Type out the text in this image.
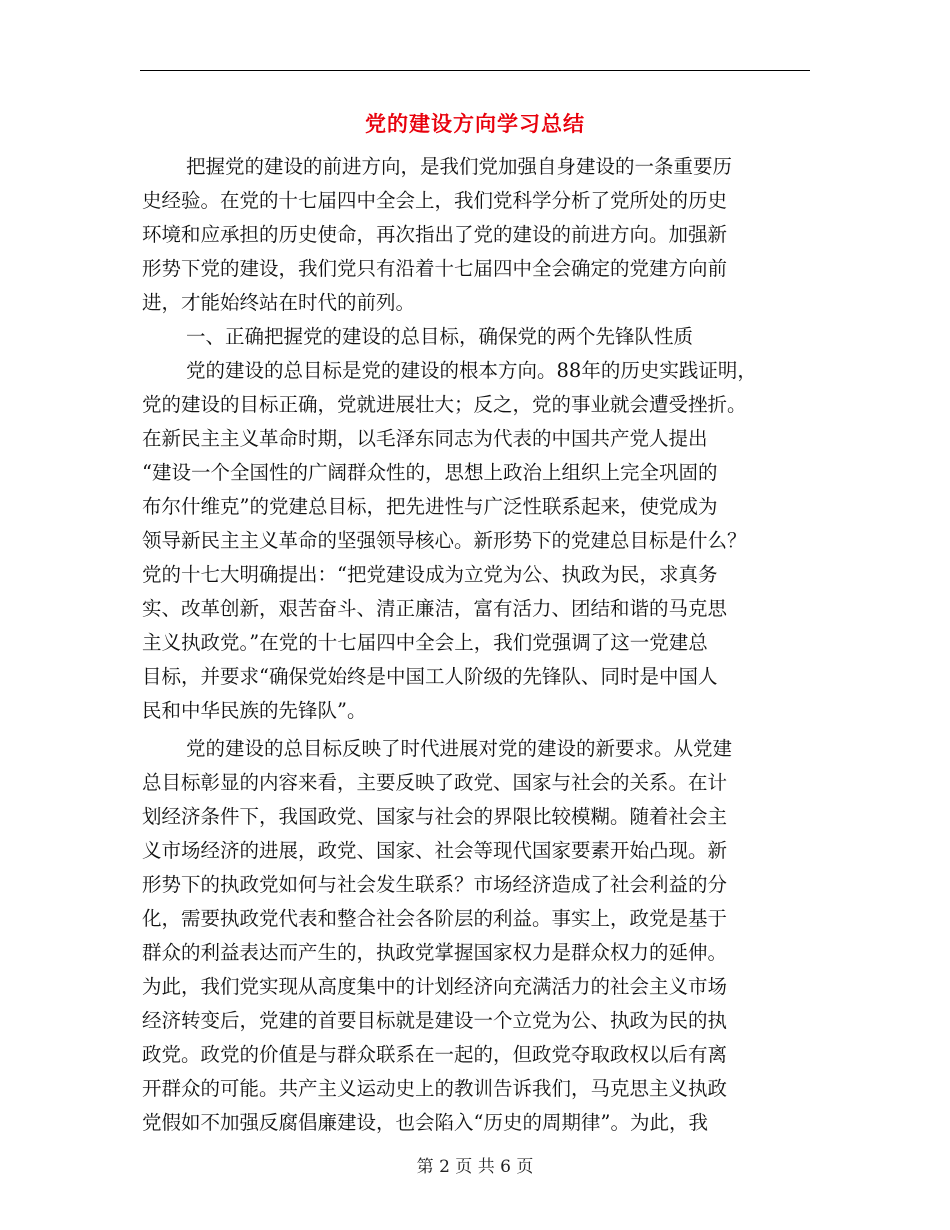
党的建设方向学习总结
把握党的建设的前进方向，是我们党加强自身建设的一条重要历
史经验。在党的十七届四中全会上，我们党科学分析了党所处的历史
环境和应承担的历史使命，再次指出了党的建设的前进方向。加强新
形势下党的建设，我们党只有沿着十七届四中全会确定的党建方向前
进，才能始终站在时代的前列。
一、正确把握党的建设的总目标，确保党的两个先锋队性质
党的建设的总目标是党的建设的根本方向。88年的历史实践证明，
党的建设的目标正确，党就进展壮大；反之，党的事业就会遭受挫折。
在新民主主义革命时期，以毛泽东同志为代表的中国共产党人提出
“建设一个全国性的广阔群众性的，思想上政治上组织上完全巩固的
布尔什维克”的党建总目标，把先进性与广泛性联系起来，使党成为
领导新民主主义革命的坚强领导核心。新形势下的党建总目标是什么？
党的十七大明确提出：“把党建设成为立党为公、执政为民，求真务
实、改革创新，艰苦奋斗、清正廉洁，富有活力、团结和谐的马克思
主义执政党。”在党的十七届四中全会上，我们党强调了这一党建总
目标，并要求“确保党始终是中国工人阶级的先锋队、同时是中国人
民和中华民族的先锋队”。
党的建设的总目标反映了时代进展对党的建设的新要求。从党建
总目标彰显的内容来看，主要反映了政党、国家与社会的关系。在计
划经济条件下，我国政党、国家与社会的界限比较模糊。随着社会主
义市场经济的进展，政党、国家、社会等现代国家要素开始凸现。新
形势下的执政党如何与社会发生联系？市场经济造成了社会利益的分
化，需要执政党代表和整合社会各阶层的利益。事实上，政党是基于
群众的利益表达而产生的，执政党掌握国家权力是群众权力的延伸。
为此，我们党实现从高度集中的计划经济向充满活力的社会主义市场
经济转变后，党建的首要目标就是建设一个立党为公、执政为民的执
政党。政党的价值是与群众联系在一起的，但政党夺取政权以后有离
开群众的可能。共产主义运动史上的教训告诉我们，马克思主义执政
党假如不加强反腐倡廉建设，也会陷入“历史的周期律”。为此，我
第 2 页 共 6 页
